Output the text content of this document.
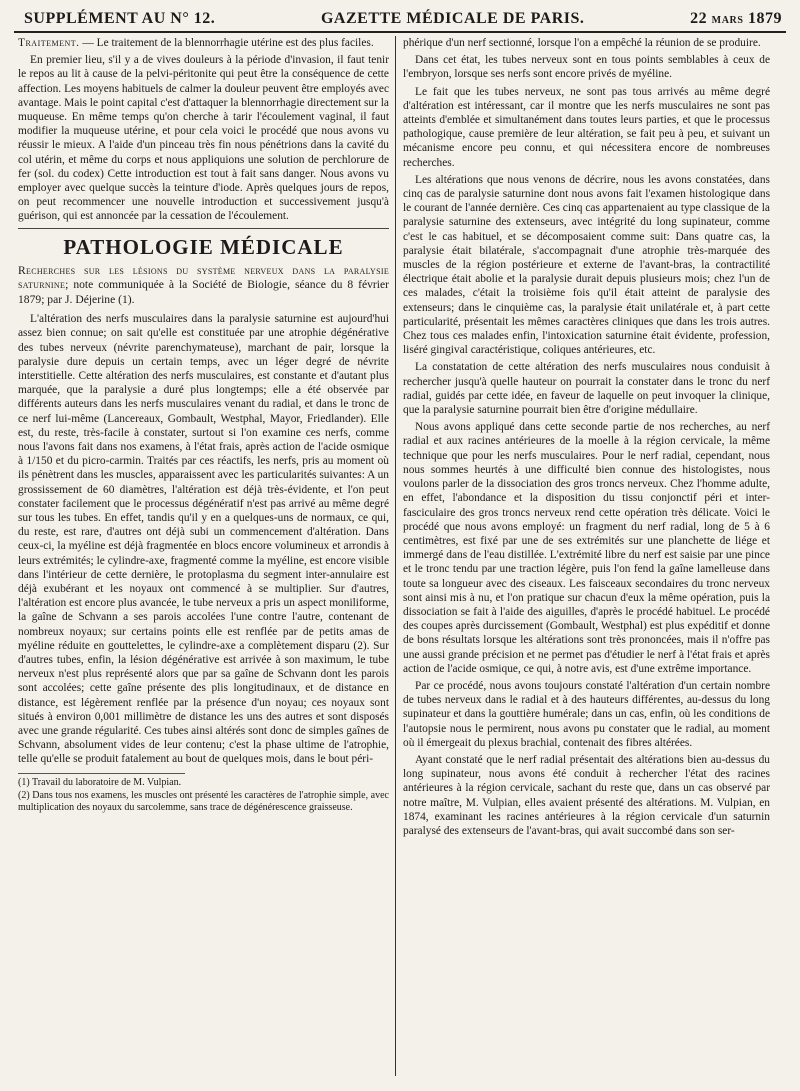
SUPPLÉMENT AU N° 12.	GAZETTE MÉDICALE DE PARIS.	22 MARS 1879

Traitement. — Le traitement de la blennorrhagie utérine est des plus faciles.

En premier lieu, s'il y a de vives douleurs à la période d'invasion, il faut tenir le repos au lit à cause de la pelvi-péritonite qui peut être la conséquence de cette affection. Les moyens habituels de calmer la douleur peuvent être employés avec avantage. Mais le point capital c'est d'attaquer la blennorrhagie directement sur la muqueuse. En même temps qu'on cherche à tarir l'écoulement vaginal, il faut modifier la muqueuse utérine, et pour cela voici le procédé que nous avons vu réussir le mieux. A l'aide d'un pinceau très fin nous pénétrions dans la cavité du col utérin, et même du corps et nous appliquions une solution de perchlorure de fer (sol. du codex) Cette introduction est tout à fait sans danger. Nous avons vu employer avec quelque succès la teinture d'iode. Après quelques jours de repos, on peut recommencer une nouvelle introduction et successivement jusqu'à guérison, qui est annoncée par la cessation de l'écoulement.

PATHOLOGIE MÉDICALE

Recherches sur les lésions du système nerveux dans la paralysie saturnine; note communiquée à la Société de Biologie, séance du 8 février 1879; par J. Déjerine (1).

L'altération des nerfs musculaires dans la paralysie saturnine est aujourd'hui assez bien connue; on sait qu'elle est constituée par une atrophie dégénérative des tubes nerveux (névrite parenchymateuse), marchant de pair, lorsque la paralysie dure depuis un certain temps, avec un léger degré de névrite interstitielle. Cette altération des nerfs musculaires, est constante et d'autant plus marquée, que la paralysie a duré plus longtemps; elle a été observée par différents auteurs dans les nerfs musculaires venant du radial, et dans le tronc de ce nerf lui-même (Lancereaux, Gombault, Westphal, Mayor, Friedlander). Elle est, du reste, très-facile à constater, surtout si l'on examine ces nerfs, comme nous l'avons fait dans nos examens, à l'état frais, après action de l'acide osmique à 1/150 et du picro-carmin. Traités par ces réactifs, les nerfs, pris au moment où ils pénètrent dans les muscles, apparaissent avec les particularités suivantes: A un grossissement de 60 diamètres, l'altération est déjà très-évidente, et l'on peut constater facilement que le processus dégénératif n'est pas arrivé au même degré sur tous les tubes. En effet, tandis qu'il y en a quelques-uns de normaux, ce qui, du reste, est rare, d'autres ont déjà subi un commencement d'altération. Dans ceux-ci, la myéline est déjà fragmentée en blocs encore volumineux et arrondis à leurs extrémités; le cylindre-axe, fragmenté comme la myéline, est encore visible dans l'intérieur de cette dernière, le protoplasma du segment inter-annulaire est déjà exubérant et les noyaux ont commencé à se multiplier. Sur d'autres, l'altération est encore plus avancée, le tube nerveux a pris un aspect moniliforme, la gaîne de Schvann a ses parois accolées l'une contre l'autre, contenant de nombreux noyaux; sur certains points elle est renflée par de petits amas de myéline réduite en gouttelettes, le cylindre-axe a complètement disparu (2). Sur d'autres tubes, enfin, la lésion dégénérative est arrivée à son maximum, le tube nerveux n'est plus représenté alors que par sa gaîne de Schvann dont les parois sont accolées; cette gaîne présente des plis longitudinaux, et de distance en distance, est légèrement renflée par la présence d'un noyau; ces noyaux sont situés à environ 0,001 millimètre de distance les uns des autres et sont disposés avec une grande régularité. Ces tubes ainsi altérés sont donc de simples gaînes de Schvann, absolument vides de leur contenu; c'est la phase ultime de l'atrophie, telle qu'elle se produit fatalement au bout de quelques mois, dans le bout péri-

(1) Travail du laboratoire de M. Vulpian.

(2) Dans tous nos examens, les muscles ont présenté les caractères de l'atrophie simple, avec multiplication des noyaux du sarcolemme, sans trace de dégénérescence graisseuse.

phérique d'un nerf sectionné, lorsque l'on a empêché la réunion de se produire.

Dans cet état, les tubes nerveux sont en tous points semblables à ceux de l'embryon, lorsque ses nerfs sont encore privés de myéline.

Le fait que les tubes nerveux, ne sont pas tous arrivés au même degré d'altération est intéressant, car il montre que les nerfs musculaires ne sont pas atteints d'emblée et simultanément dans toutes leurs parties, et que le processus pathologique, cause première de leur altération, se fait peu à peu, et suivant un mécanisme encore peu connu, et qui nécessitera encore de nombreuses recherches.

Les altérations que nous venons de décrire, nous les avons constatées, dans cinq cas de paralysie saturnine dont nous avons fait l'examen histologique dans le courant de l'année dernière. Ces cinq cas appartenaient au type classique de la paralysie saturnine des extenseurs, avec intégrité du long supinateur, comme c'est le cas habituel, et se décomposaient comme suit: Dans quatre cas, la paralysie était bilatérale, s'accompagnait d'une atrophie très-marquée des muscles de la région postérieure et externe de l'avant-bras, la contractilité électrique était abolie et la paralysie durait depuis plusieurs mois; chez l'un de ces malades, c'était la troisième fois qu'il était atteint de paralysie des extenseurs; dans le cinquième cas, la paralysie était unilatérale et, à part cette particularité, présentait les mêmes caractères cliniques que dans les trois autres. Chez tous ces malades enfin, l'intoxication saturnine était évidente, profession, liséré gingival caractéristique, coliques antérieures, etc.

La constatation de cette altération des nerfs musculaires nous conduisit à rechercher jusqu'à quelle hauteur on pourrait la constater dans le tronc du nerf radial, guidés par cette idée, en faveur de laquelle on peut invoquer la clinique, que la paralysie saturnine pourrait bien être d'origine médullaire.

Nous avons appliqué dans cette seconde partie de nos recherches, au nerf radial et aux racines antérieures de la moelle à la région cervicale, la même technique que pour les nerfs musculaires. Pour le nerf radial, cependant, nous nous sommes heurtés à une difficulté bien connue des histologistes, nous voulons parler de la dissociation des gros troncs nerveux. Chez l'homme adulte, en effet, l'abondance et la disposition du tissu conjonctif péri et inter-fasciculaire des gros troncs nerveux rend cette opération très délicate. Voici le procédé que nous avons employé: un fragment du nerf radial, long de 5 à 6 centimètres, est fixé par une de ses extrémités sur une planchette de liége et immergé dans de l'eau distillée. L'extrémité libre du nerf est saisie par une pince et le tronc tendu par une traction légère, puis l'on fend la gaîne lamelleuse dans toute sa longueur avec des ciseaux. Les faisceaux secondaires du tronc nerveux sont ainsi mis à nu, et l'on pratique sur chacun d'eux la même opération, puis la dissociation se fait à l'aide des aiguilles, d'après le procédé habituel. Le procédé des coupes après durcissement (Gombault, Westphal) est plus expéditif et donne de bons résultats lorsque les altérations sont très prononcées, mais il n'offre pas une aussi grande précision et ne permet pas d'étudier le nerf à l'état frais et après action de l'acide osmique, ce qui, à notre avis, est d'une extrême importance.

Par ce procédé, nous avons toujours constaté l'altération d'un certain nombre de tubes nerveux dans le radial et à des hauteurs différentes, au-dessus du long supinateur et dans la gouttière humérale; dans un cas, enfin, où les conditions de l'autopsie nous le permirent, nous avons pu constater que le radial, au moment où il émergeait du plexus brachial, contenait des fibres altérées.

Ayant constaté que le nerf radial présentait des altérations bien au-dessus du long supinateur, nous avons été conduit à rechercher l'état des racines antérieures à la région cervicale, sachant du reste que, dans un cas observé par notre maître, M. Vulpian, elles avaient présenté des altérations. M. Vulpian, en 1874, examinant les racines antérieures à la région cervicale d'un saturnin paralysé des extenseurs de l'avant-bras, qui avait succombé dans son ser-
